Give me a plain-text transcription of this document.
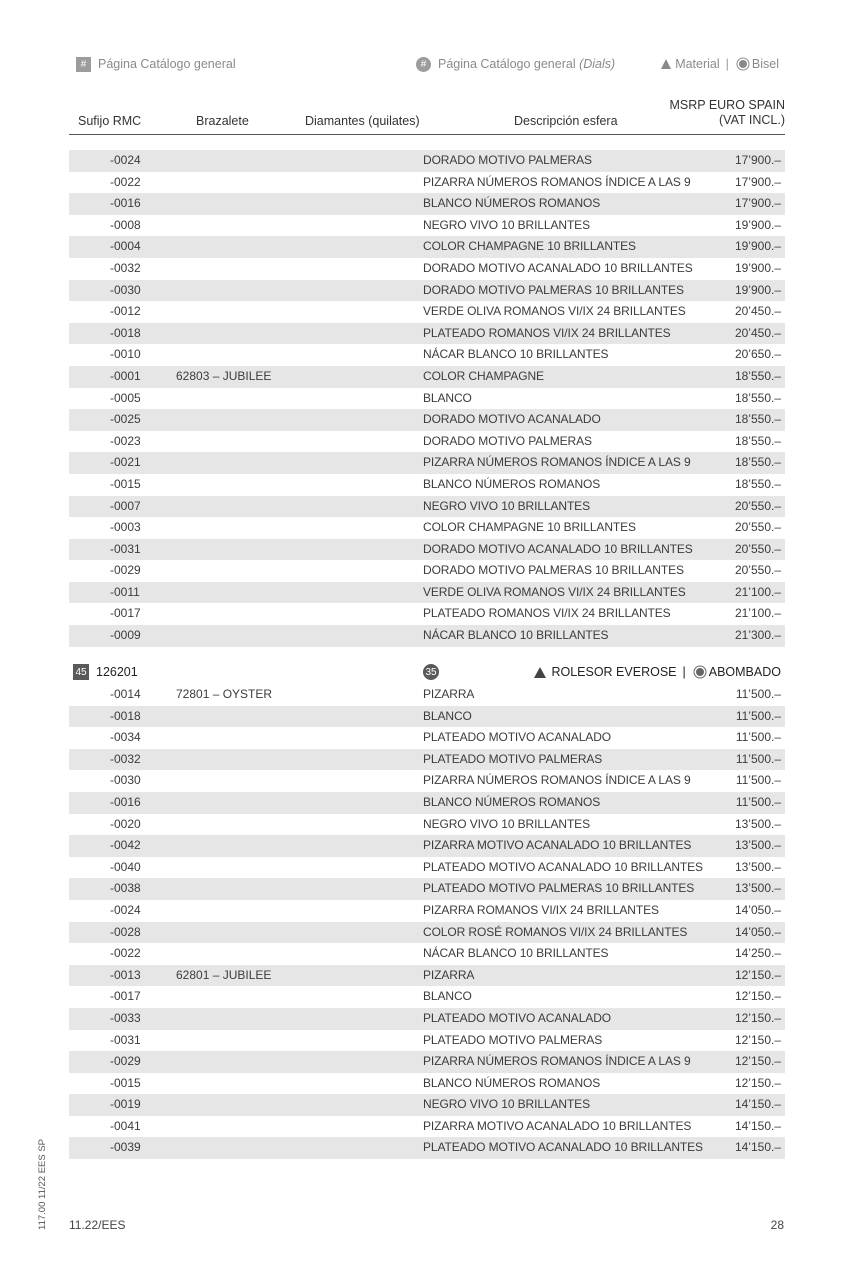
# Página Catálogo general	# Página Catálogo general
(Dials)	Material | Bisel
Sufijo RMC	Brazalete	Diamantes (quilates)	Descripción esfera
MSRP EURO SPAIN
(VAT INCL.)
-0024	DORADO MOTIVO PALMERAS	17’900.–
-0022	PIZARRA NÚMEROS ROMANOS ÍNDICE A LAS 9	17’900.–
-0016	BLANCO NÚMEROS ROMANOS	17’900.–
-0008	NEGRO VIVO 10 BRILLANTES	19’900.–
-0004	COLOR CHAMPAGNE 10 BRILLANTES	19’900.–
-0032	DORADO MOTIVO ACANALADO 10 BRILLANTES	19’900.–
-0030	DORADO MOTIVO PALMERAS 10 BRILLANTES	19’900.–
-0012	VERDE OLIVA ROMANOS VI/IX 24 BRILLANTES	20’450.–
-0018	PLATEADO ROMANOS VI/IX 24 BRILLANTES	20’450.–
-0010	NÁCAR BLANCO 10 BRILLANTES	20’650.–
-0001	62803 – JUBILEE	COLOR CHAMPAGNE	18’550.–
-0005	BLANCO	18’550.–
-0025	DORADO MOTIVO ACANALADO	18’550.–
-0023	DORADO MOTIVO PALMERAS	18’550.–
-0021	PIZARRA NÚMEROS ROMANOS ÍNDICE A LAS 9	18’550.–
-0015	BLANCO NÚMEROS ROMANOS	18’550.–
-0007	NEGRO VIVO 10 BRILLANTES	20’550.–
-0003	COLOR CHAMPAGNE 10 BRILLANTES	20’550.–
-0031	DORADO MOTIVO ACANALADO 10 BRILLANTES	20’550.–
-0029	DORADO MOTIVO PALMERAS 10 BRILLANTES	20’550.–
-0011	VERDE OLIVA ROMANOS VI/IX 24 BRILLANTES	21’100.–
-0017	PLATEADO ROMANOS VI/IX 24 BRILLANTES	21’100.–
-0009	NÁCAR BLANCO 10 BRILLANTES	21’300.–
45 126201	35	ROLESOR EVEROSE | ABOMBADO
-0014	72801 – OYSTER	PIZARRA	11’500.–
-0018	BLANCO	11’500.–
-0034	PLATEADO MOTIVO ACANALADO	11’500.–
-0032	PLATEADO MOTIVO PALMERAS	11’500.–
-0030	PIZARRA NÚMEROS ROMANOS ÍNDICE A LAS 9	11’500.–
-0016	BLANCO NÚMEROS ROMANOS	11’500.–
-0020	NEGRO VIVO 10 BRILLANTES	13’500.–
-0042	PIZARRA MOTIVO ACANALADO 10 BRILLANTES	13’500.–
-0040	PLATEADO MOTIVO ACANALADO 10 BRILLANTES	13’500.–
-0038	PLATEADO MOTIVO PALMERAS 10 BRILLANTES	13’500.–
-0024	PIZARRA ROMANOS VI/IX 24 BRILLANTES	14’050.–
-0028	COLOR ROSÉ ROMANOS VI/IX 24 BRILLANTES	14’050.–
-0022	NÁCAR BLANCO 10 BRILLANTES	14’250.–
-0013	62801 – JUBILEE	PIZARRA	12’150.–
-0017	BLANCO	12’150.–
-0033	PLATEADO MOTIVO ACANALADO	12’150.–
-0031	PLATEADO MOTIVO PALMERAS	12’150.–
-0029	PIZARRA NÚMEROS ROMANOS ÍNDICE A LAS 9	12’150.–
-0015	BLANCO NÚMEROS ROMANOS	12’150.–
-0019	NEGRO VIVO 10 BRILLANTES	14’150.–
-0041	PIZARRA MOTIVO ACANALADO 10 BRILLANTES	14’150.–
-0039	PLATEADO MOTIVO ACANALADO 10 BRILLANTES	14’150.–
117.00 11/22 EES SP 11.22/EES	28
